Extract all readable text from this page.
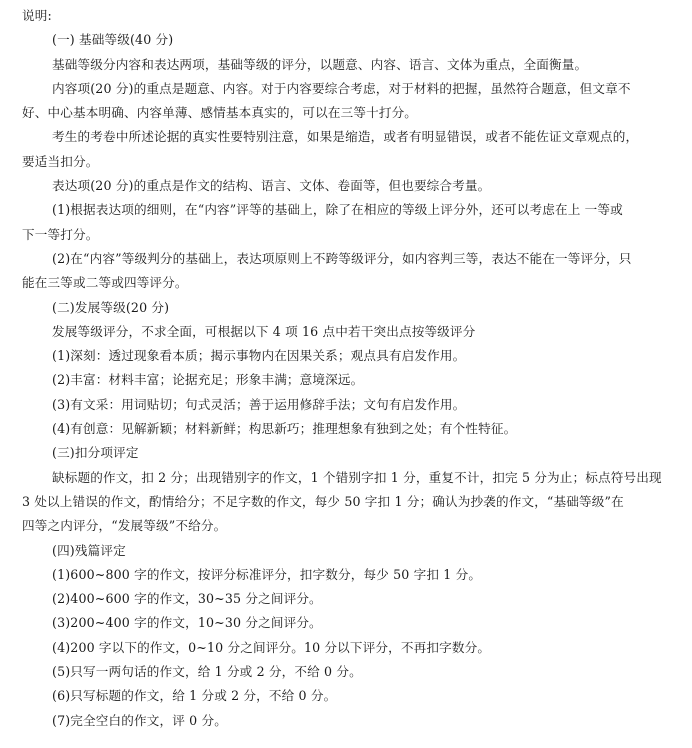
说明:
(一) 基础等级(40 分)
基础等级分内容和表达两项，基础等级的评分，以题意、内容、语言、文体为重点，全面衡量。
内容项(20 分)的重点是题意、内容。对于内容要综合考虑，对于材料的把握，虽然符合题意，但文章不
好、中心基本明确、内容单薄、感情基本真实的，可以在三等十打分。
考生的考卷中所述论据的真实性要特别注意，如果是缩造，或者有明显错误，或者不能佐证文章观点的，
要适当扣分。
表达项(20 分)的重点是作文的结构、语言、文体、卷面等，但也要综合考量。
(1)根据表达项的细则，在“内容”评等的基础上，除了在相应的等级上评分外，还可以考虑在上 一等或
下一等打分。
(2)在“内容”等级判分的基础上，表达项原则上不跨等级评分，如内容判三等，表达不能在一等评分，只
能在三等或二等或四等评分。
(二)发展等级(20 分)
发展等级评分，不求全面，可根据以下 4 项 16 点中若干突出点按等级评分
(1)深刻：透过现象看本质；揭示事物内在因果关系；观点具有启发作用。
(2)丰富：材料丰富；论据充足；形象丰满；意境深远。
(3)有文采：用词贴切；句式灵活；善于运用修辞手法；文句有启发作用。
(4)有创意：见解新颖；材料新鲜；构思新巧；推理想象有独到之处；有个性特征。
(三)扣分项评定
缺标题的作文，扣 2 分；出现错别字的作文，1 个错别字扣 1 分，重复不计，扣完 5 分为止；标点符号出现
3 处以上错误的作文，酌情给分；不足字数的作文，每少 50 字扣 1 分；确认为抄袭的作文，“基础等级”在
四等之内评分，“发展等级”不给分。
(四)残篇评定
(1)600~800 字的作文，按评分标准评分，扣字数分，每少 50 字扣 1 分。
(2)400~600 字的作文，30~35 分之间评分。
(3)200~400 字的作文，10~30 分之间评分。
(4)200 字以下的作文，0~10 分之间评分。10 分以下评分，不再扣字数分。
(5)只写一两句话的作文，给 1 分或 2 分，不给 0 分。
(6)只写标题的作文，给 1 分或 2 分，不给 0 分。
(7)完全空白的作文，评 0 分。
